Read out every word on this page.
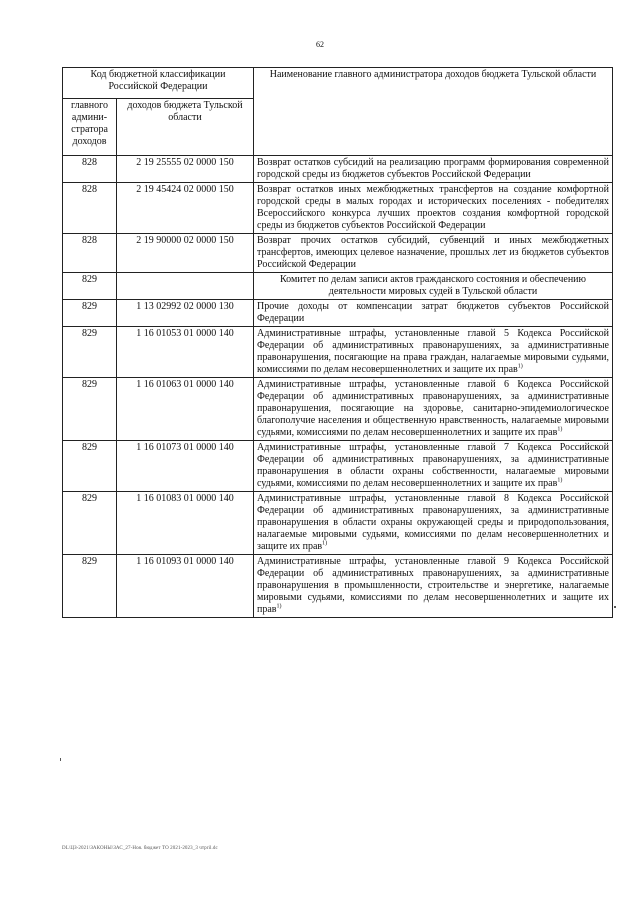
62
Код бюджетной классификации Российской Федерации		Наименование главного администратора доходов бюджета Тульской области
главного админи-стратора доходов	доходов бюджета Тульской области	
828	2 19 25555 02 0000 150	Возврат остатков субсидий на реализацию программ формирования современной городской среды из бюджетов субъектов Российской Федерации
828	2 19 45424 02 0000 150	Возврат остатков иных межбюджетных трансфертов на создание комфортной городской среды в малых городах и исторических поселениях - победителях Всероссийского конкурса лучших проектов создания комфортной городской среды из бюджетов субъектов Российской Федерации
828	2 19 90000 02 0000 150	Возврат прочих остатков субсидий, субвенций и иных межбюджетных трансфертов, имеющих целевое назначение, прошлых лет из бюджетов субъектов Российской Федерации
829		Комитет по делам записи актов гражданского состояния и обеспечению деятельности мировых судей в Тульской области
829	1 13 02992 02 0000 130	Прочие доходы от компенсации затрат бюджетов субъектов Российской Федерации
829	1 16 01053 01 0000 140	Административные штрафы, установленные главой 5 Кодекса Российской Федерации об административных правонарушениях, за административные правонарушения, посягающие на права граждан, налагаемые мировыми судьями, комиссиями по делам несовершеннолетних и защите их прав$^{1)}$
829	1 16 01063 01 0000 140	Административные штрафы, установленные главой 6 Кодекса Российской Федерации об административных правонарушениях, за административные правонарушения, посягающие на здоровье, санитарно-эпидемиологическое благополучие населения и общественную нравственность, налагаемые мировыми судьями, комиссиями по делам несовершеннолетних и защите их прав$^{1)}$
829	1 16 01073 01 0000 140	Административные штрафы, установленные главой 7 Кодекса Российской Федерации об административных правонарушениях, за административные правонарушения в области охраны собственности, налагаемые мировыми судьями, комиссиями по делам несовершеннолетних и защите их прав$^{1)}$
829	1 16 01083 01 0000 140	Административные штрафы, установленные главой 8 Кодекса Российской Федерации об административных правонарушениях, за административные правонарушения в области охраны окружающей среды и природопользования, налагаемые мировыми судьями, комиссиями по делам несовершеннолетних и защите их прав$^{1)}$
829	1 16 01093 01 0000 140	Административные штрафы, установленные главой 9 Кодекса Российской Федерации об административных правонарушениях, за административные правонарушения в промышленности, строительстве и энергетике, налагаемые мировыми судьями, комиссиями по делам несовершеннолетних и защите их прав$^{1)}$
DL\ЦЗ-2021\ЗАКОНЫ\ЗАС_27-Ноя. бюджет ТО 2021-2023_3 чтpril.dc
